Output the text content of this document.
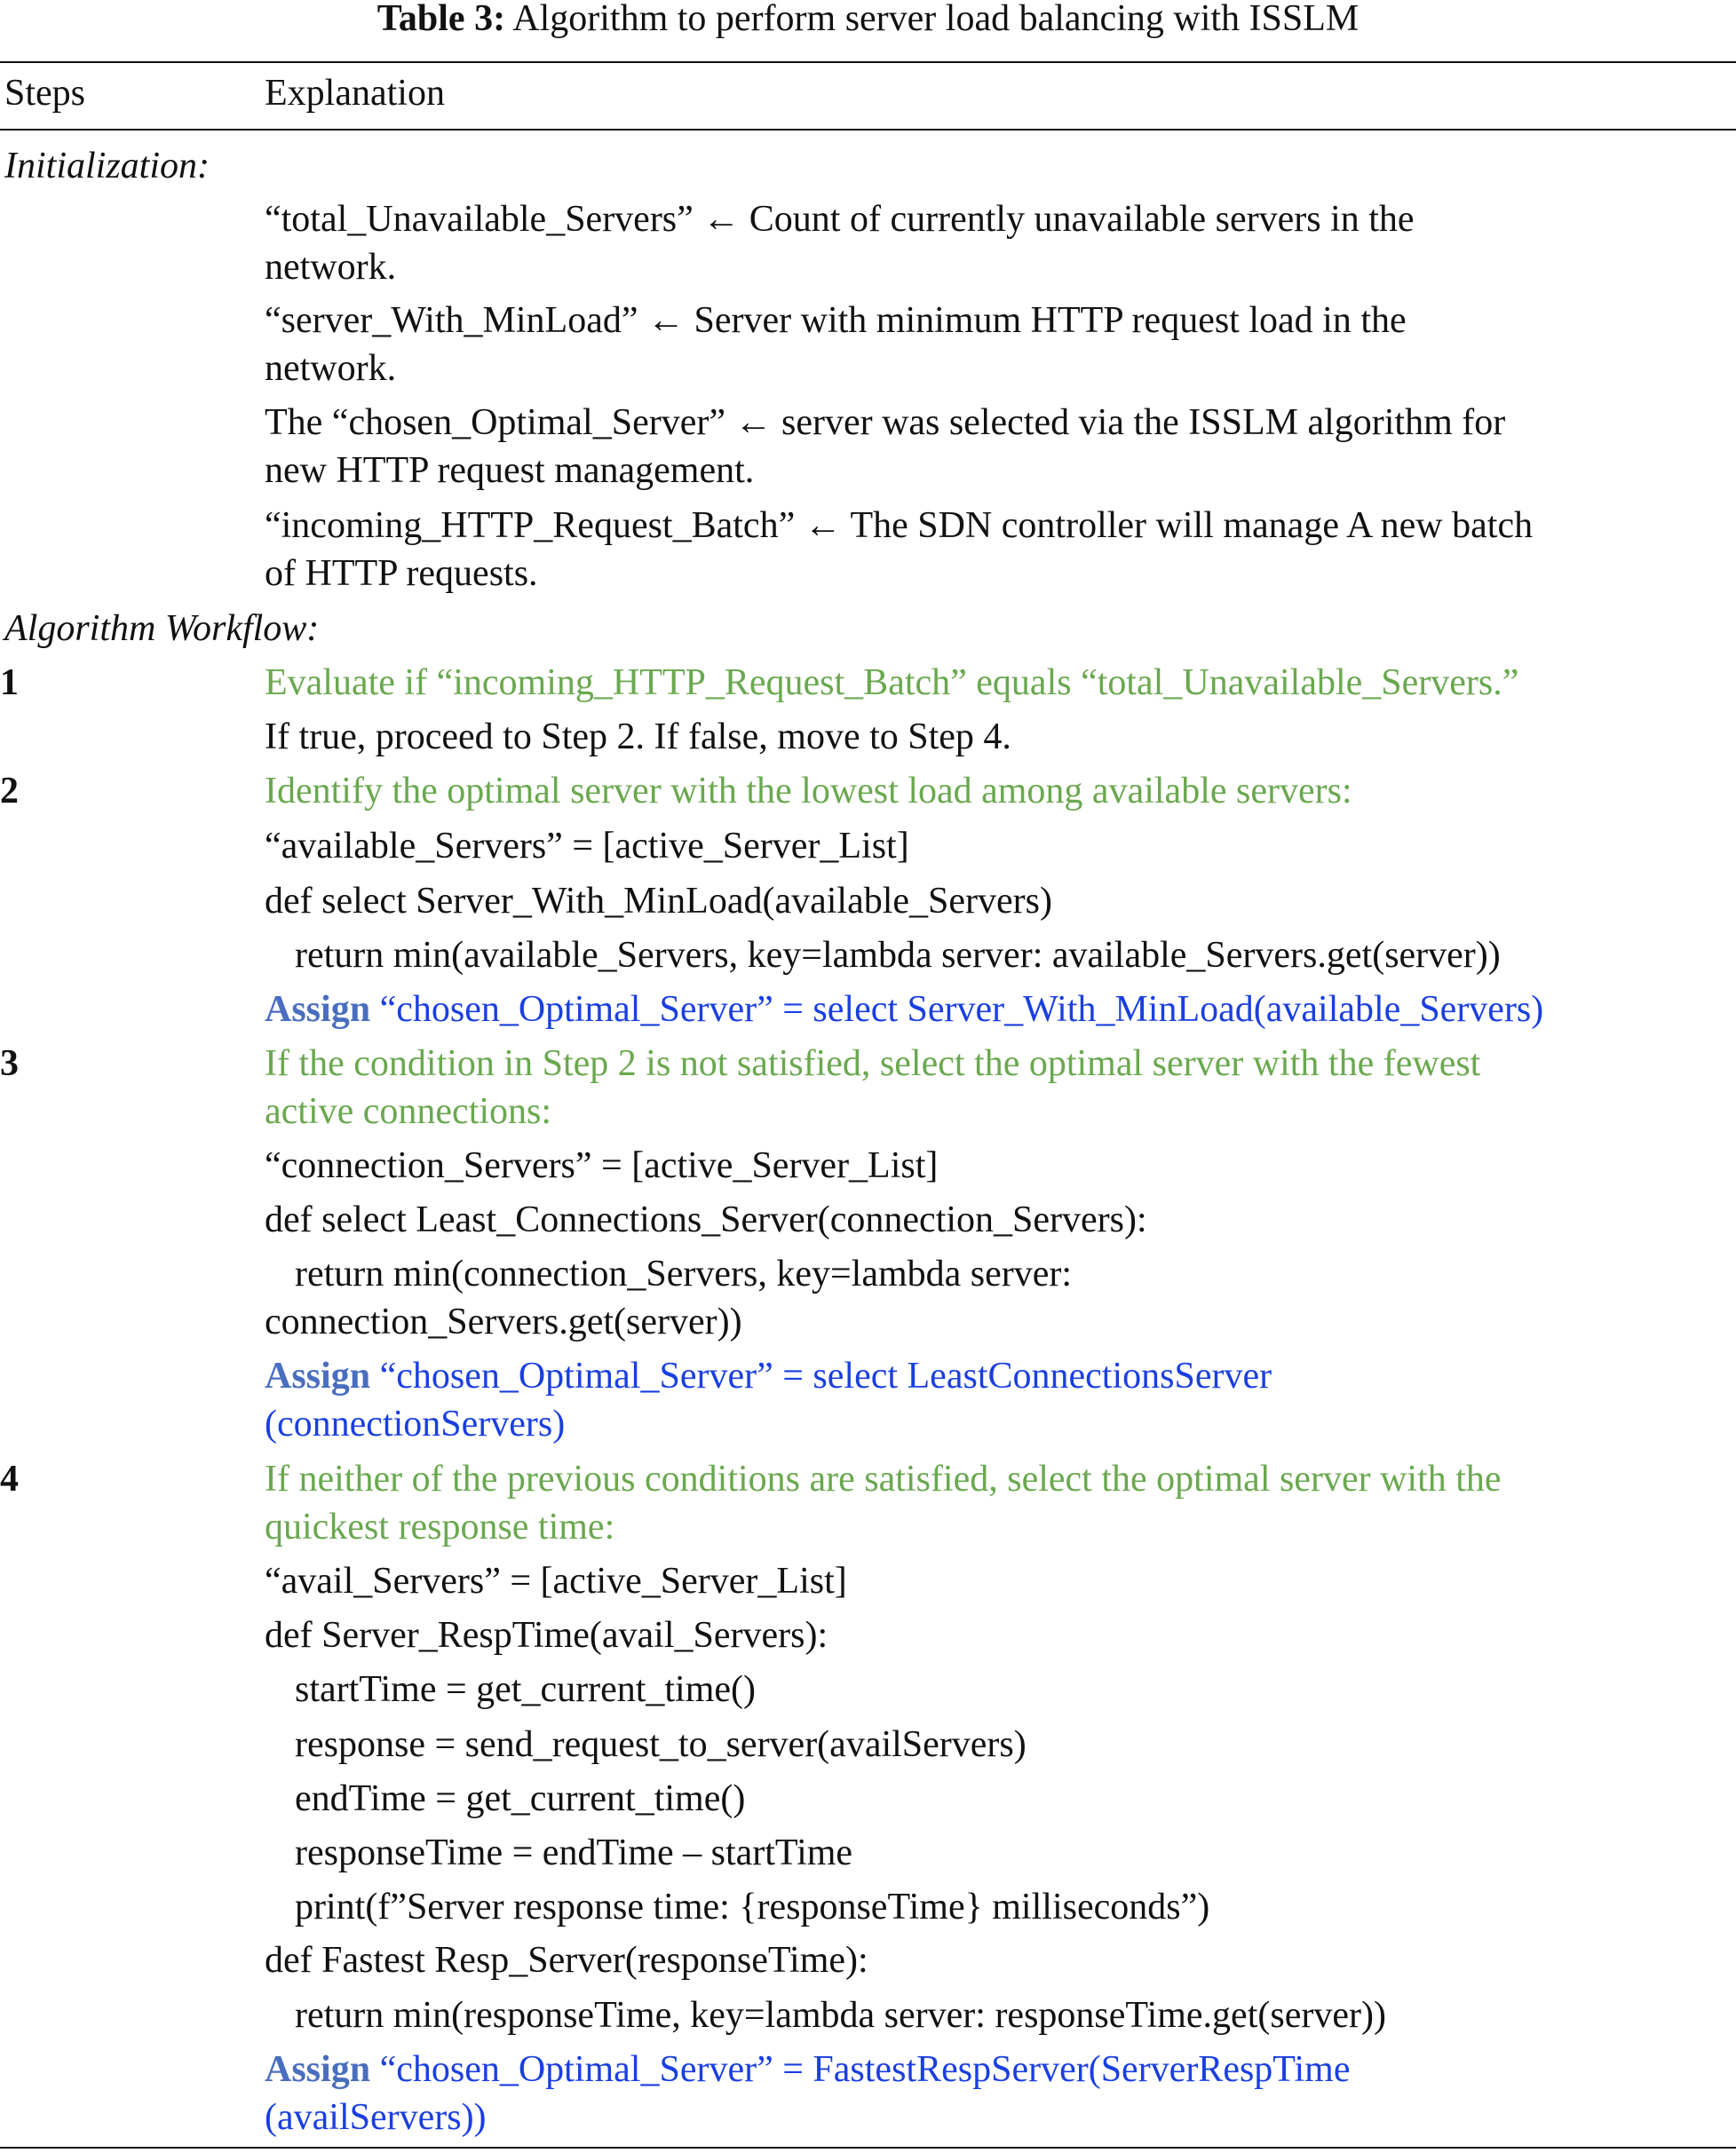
Table 3: Algorithm to perform server load balancing with ISSLM
Steps	Explanation
Initialization:
“total_Unavailable_Servers” ← Count of currently unavailable servers in the
network.
“server_With_MinLoad” ← Server with minimum HTTP request load in the
network.
The “chosen_Optimal_Server” ← server was selected via the ISSLM algorithm for
new HTTP request management.
“incoming_HTTP_Request_Batch” ← The SDN controller will manage A new batch
of HTTP requests.
Algorithm Workflow:
1	Evaluate if “incoming_HTTP_Request_Batch” equals “total_Unavailable_Servers.”
If true, proceed to Step 2. If false, move to Step 4.
2	Identify the optimal server with the lowest load among available servers:
“available_Servers” = [active_Server_List]
def select Server_With_MinLoad(available_Servers)
return min(available_Servers, key=lambda server: available_Servers.get(server))
Assign “chosen_Optimal_Server” = select Server_With_MinLoad(available_Servers)
3	If the condition in Step 2 is not satisfied, select the optimal server with the fewest
active connections:
“connection_Servers” = [active_Server_List]
def select Least_Connections_Server(connection_Servers):
return min(connection_Servers, key=lambda server:
connection_Servers.get(server))
Assign “chosen_Optimal_Server” = select LeastConnectionsServer
(connectionServers)
4	If neither of the previous conditions are satisfied, select the optimal server with the
quickest response time:
“avail_Servers” = [active_Server_List]
def Server_RespTime(avail_Servers):
startTime = get_current_time()
response = send_request_to_server(availServers)
endTime = get_current_time()
responseTime = endTime – startTime
print(f”Server response time: {responseTime} milliseconds”)
def Fastest Resp_Server(responseTime):
return min(responseTime, key=lambda server: responseTime.get(server))
Assign “chosen_Optimal_Server” = FastestRespServer(ServerRespTime
(availServers))
